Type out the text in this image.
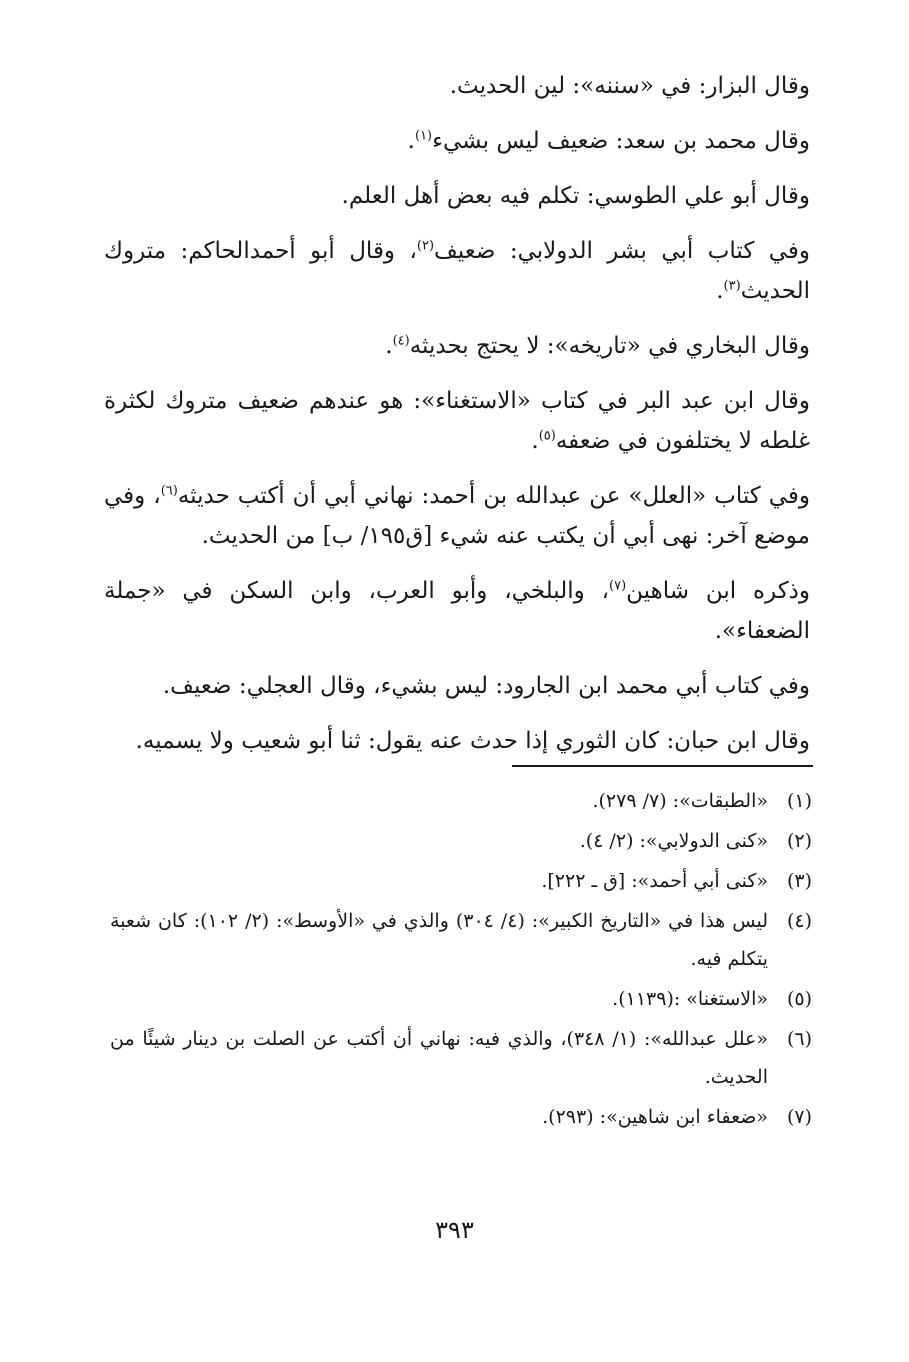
وقال البزار: في «سننه»: لين الحديث.

وقال محمد بن سعد: ضعيف ليس بشيء$^{(١)}$.

وقال أبو علي الطوسي: تكلم فيه بعض أهل العلم.

وفي كتاب أبي بشر الدولابي: ضعيف$^{(٢)}$، وقال أبو أحمدالحاكم: متروك الحديث$^{(٣)}$.

وقال البخاري في «تاريخه»: لا يحتج بحديثه$^{(٤)}$.

وقال ابن عبد البر في كتاب «الاستغناء»: هو عندهم ضعيف متروك لكثرة غلطه لا يختلفون في ضعفه$^{(٥)}$.

وفي كتاب «العلل» عن عبدالله بن أحمد: نهاني أبي أن أكتب حديثه$^{(٦)}$، وفي موضع آخر: نهى أبي أن يكتب عنه شيء [ق١٩٥/ ب] من الحديث.

وذكره ابن شاهين$^{(٧)}$، والبلخي، وأبو العرب، وابن السكن في «جملة الضعفاء».

وفي كتاب أبي محمد ابن الجارود: ليس بشيء، وقال العجلي: ضعيف.

وقال ابن حبان: كان الثوري إذا حدث عنه يقول: ثنا أبو شعيب ولا يسميه.

(١)
«الطبقات»: (٧/ ٢٧٩).
(٢)
«كنى الدولابي»: (٢/ ٤).
(٣)
«كنى أبي أحمد»: [ق ـ ٢٢٢].
(٤)
ليس هذا في «التاريخ الكبير»: (٤/ ٣٠٤) والذي في «الأوسط»: (٢/ ١٠٢): كان شعبة يتكلم فيه.
(٥)
«الاستغنا» :(١١٣٩).
(٦)
«علل عبدالله»: (١/ ٣٤٨)، والذي فيه: نهاني أن أكتب عن الصلت بن دينار شيئًا من الحديث.
(٧)
«ضعفاء ابن شاهين»: (٢٩٣).
٣٩٣
